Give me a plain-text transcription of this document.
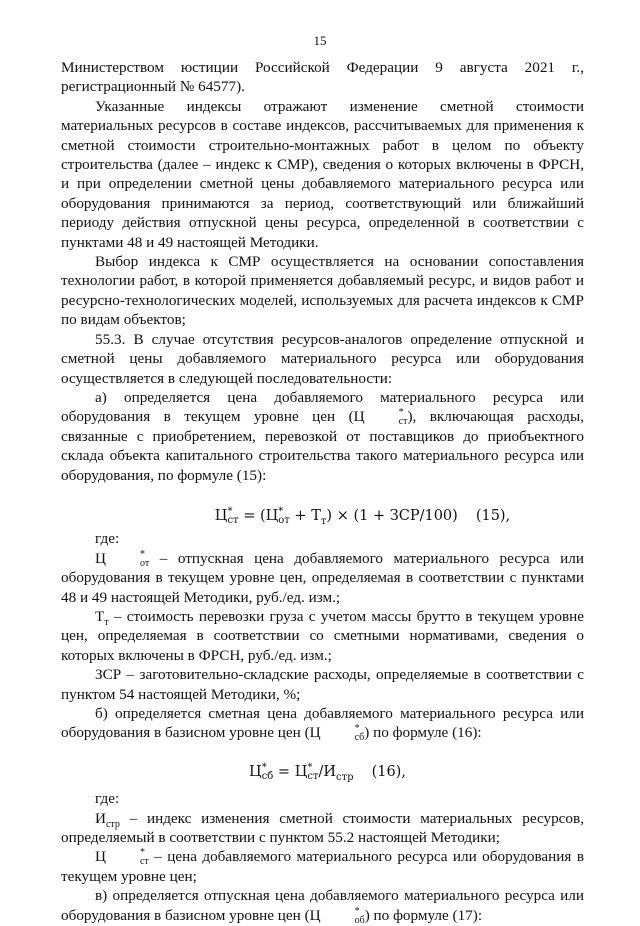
15

Министерством юстиции Российской Федерации 9 августа 2021 г., регистрационный № 64577).

Указанные индексы отражают изменение сметной стоимости материальных ресурсов в составе индексов, рассчитываемых для применения к сметной стоимости строительно-монтажных работ в целом по объекту строительства (далее – индекс к СМР), сведения о которых включены в ФРСН, и при определении сметной цены добавляемого материального ресурса или оборудования принимаются за период, соответствующий или ближайший периоду действия отпускной цены ресурса, определенной в соответствии с пунктами 48 и 49 настоящей Методики.

Выбор индекса к СМР осуществляется на основании сопоставления технологии работ, в которой применяется добавляемый ресурс, и видов работ и ресурсно-технологических моделей, используемых для расчета индексов к СМР по видам объектов;

55.3. В случае отсутствия ресурсов-аналогов определение отпускной и сметной цены добавляемого материального ресурса или оборудования осуществляется в следующей последовательности:

а) определяется цена добавляемого материального ресурса или оборудования в текущем уровне цен (Ц	*
ст ), включающая расходы, связанные с приобретением, перевозкой от поставщиков до приобъектного склада объекта капитального строительства такого материального ресурса или оборудования, по формуле (15):

Ц *
ст = (Ц *
от + $Т_т) \times (1 + ЗСР/100)$ (15),

где:

Ц	*
от – отпускная цена добавляемого материального ресурса или оборудования в текущем уровне цен, определяемая в соответствии с пунктами 48 и 49 настоящей Методики, руб./ед. изм.;

$Т_т$ – стоимость перевозки груза с учетом массы брутто в текущем уровне цен, определяемая в соответствии со сметными нормативами, сведения о которых включены в ФРСН, руб./ед. изм.;

ЗСР – заготовительно-складские расходы, определяемые в соответствии с пунктом 54 настоящей Методики, %;

б) определяется сметная цена добавляемого материального ресурса или оборудования в базисном уровне цен (Ц	*
сб ) по формуле (16):

Ц *
сб = Ц *
ст $/И_{стр}$ (16),

где:

$И_{стр}$ – индекс изменения сметной стоимости материальных ресурсов, определяемый в соответствии с пунктом 55.2 настоящей Методики;

Ц	*
ст – цена добавляемого материального ресурса или оборудования в текущем уровне цен;

в) определяется отпускная цена добавляемого материального ресурса или оборудования в базисном уровне цен (Ц	*
об ) по формуле (17):
